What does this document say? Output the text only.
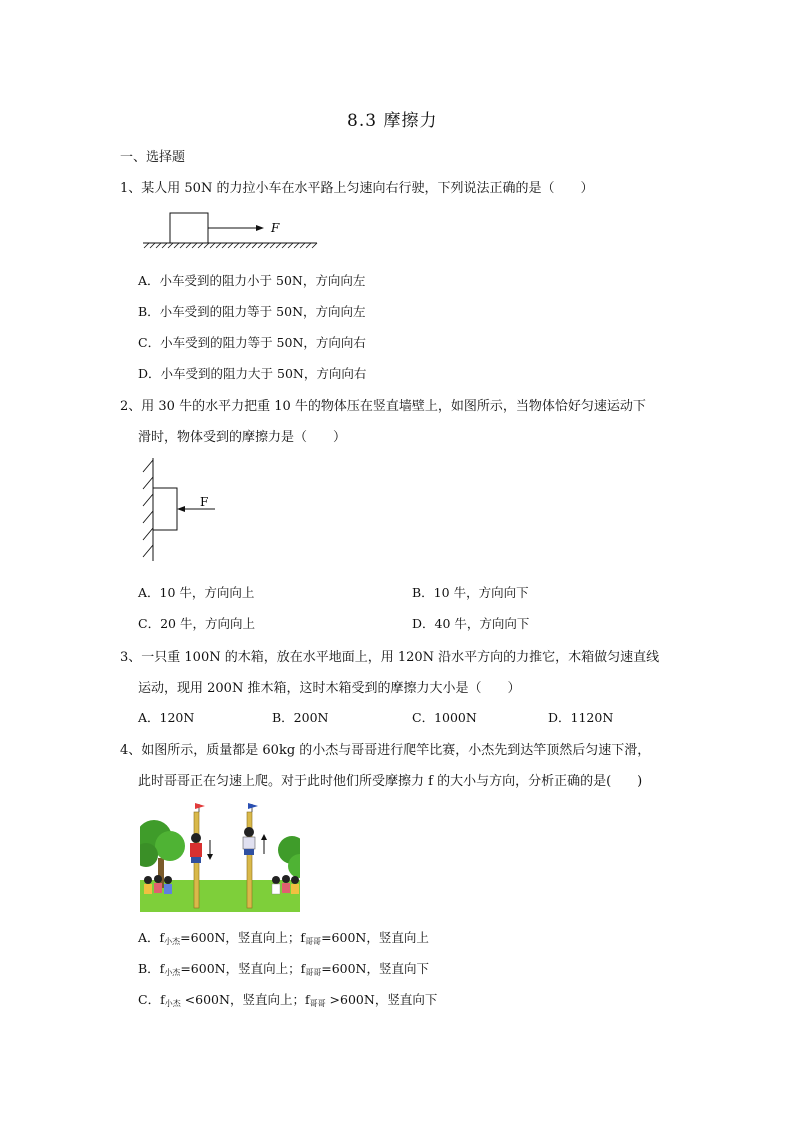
8.3 摩擦力
一、选择题
1、某人用 50N 的力拉小车在水平路上匀速向右行驶，下列说法正确的是（　　）
F
A．小车受到的阻力小于 50N，方向向左
B．小车受到的阻力等于 50N，方向向左
C．小车受到的阻力等于 50N，方向向右
D．小车受到的阻力大于 50N，方向向右
2、用 30 牛的水平力把重 10 牛的物体压在竖直墙壁上，如图所示，当物体恰好匀速运动下
滑时，物体受到的摩擦力是（　　）
F
A．10 牛，方向向上	B．10 牛，方向向下
C．20 牛，方向向上	D．40 牛，方向向下
3、一只重 100N 的木箱，放在水平地面上，用 120N 沿水平方向的力推它，木箱做匀速直线
运动，现用 200N 推木箱，这时木箱受到的摩擦力大小是（　　）
A．120N	B．200N	C．1000N	D．1120N
4、如图所示，质量都是 60kg 的小杰与哥哥进行爬竿比赛，小杰先到达竿顶然后匀速下滑，
此时哥哥正在匀速上爬。对于此时他们所受摩擦力 f 的大小与方向，分析正确的是(　　)
A．$f_{小杰}=600N$，竖直向上；$f_{哥哥}=600N$，竖直向上
B．$f_{小杰}=600N$，竖直向上；$f_{哥哥}=600N$，竖直向下
C．$f_{小杰} <600N$，竖直向上；$f_{哥哥} >600N$，竖直向下
